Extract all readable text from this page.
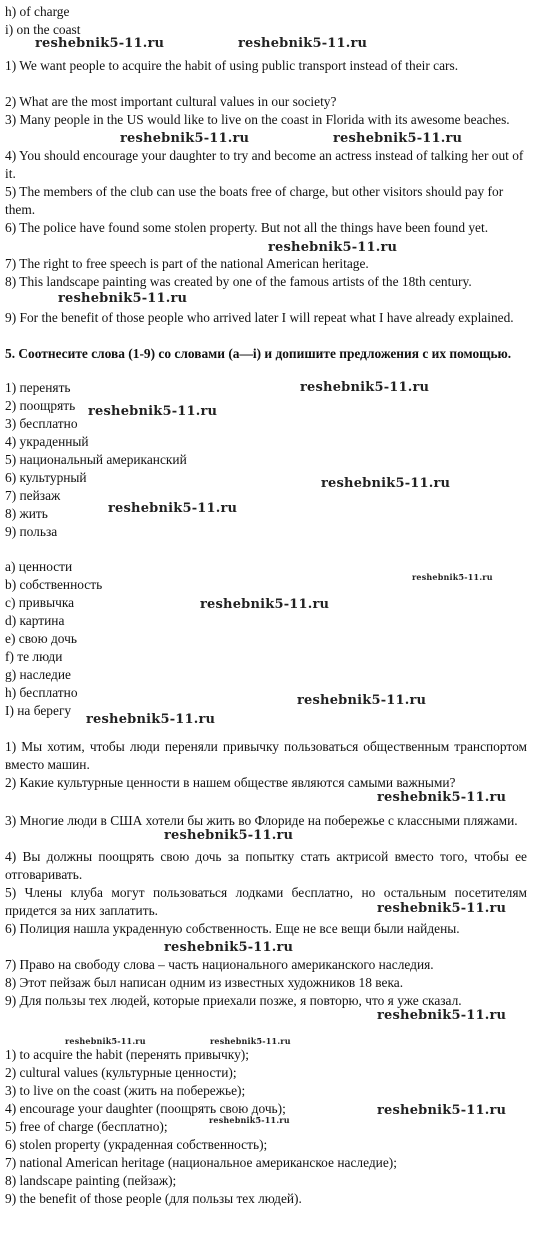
h) of charge
i) on the coast
1) We want people to acquire the habit of using public transport instead of their cars.
2) What are the most important cultural values in our society?
3) Many people in the US would like to live on the coast in Florida with its awesome beaches.
4) You should encourage your daughter to try and become an actress instead of talking her out of it.
5) The members of the club can use the boats free of charge, but other visitors should pay for them.
6) The police have found some stolen property. But not all the things have been found yet.
7) The right to free speech is part of the national American heritage.
8) This landscape painting was created by one of the famous artists of the 18th century.
9) For the benefit of those people who arrived later I will repeat what I have already explained.
5. Соотнесите слова (1-9) со словами (a—i) и допишите предложения с их помощью.
1) перенять
2) поощрять
3) бесплатно
4) украденный
5) национальный американский
6) культурный
7) пейзаж
8) жить
9) польза
a) ценности
b) собственность
c) привычка
d) картина
e) свою дочь
f) те люди
g) наследие
h) бесплатно
I) на берегу
1) Мы хотим, чтобы люди переняли привычку пользоваться общественным транспортом вместо машин.
2) Какие культурные ценности в нашем обществе являются самыми важными?
3) Многие люди в США хотели бы жить во Флориде на побережье с классными пляжами.
4) Вы должны поощрять свою дочь за попытку стать актрисой вместо того, чтобы ее отговаривать.
5) Члены клуба могут пользоваться лодками бесплатно, но остальным посетителям придется за них заплатить.
6) Полиция нашла украденную собственность. Еще не все вещи были найдены.
7) Право на свободу слова – часть национального американского наследия.
8) Этот пейзаж был написан одним из известных художников 18 века.
9) Для пользы тех людей, которые приехали позже, я повторю, что я уже сказал.
1) to acquire the habit (перенять привычку);
2) cultural values (культурные ценности);
3) to live on the coast (жить на побережье);
4) encourage your daughter (поощрять свою дочь);
5) free of charge (бесплатно);
6) stolen property (украденная собственность);
7) national American heritage (национальное американское наследие);
8) landscape painting (пейзаж);
9) the benefit of those people (для пользы тех людей).
reshebnik5-11.ru	reshebnik5-11.ru
reshebnik5-11.ru	reshebnik5-11.ru
reshebnik5-11.ru
reshebnik5-11.ru
reshebnik5-11.ru
reshebnik5-11.ru
reshebnik5-11.ru
reshebnik5-11.ru
reshebnik5-11.ru
reshebnik5-11.ru
reshebnik5-11.ru
reshebnik5-11.ru
reshebnik5-11.ru
reshebnik5-11.ru
reshebnik5-11.ru
reshebnik5-11.ru
reshebnik5-11.ru
reshebnik5-11.ru	reshebnik5-11.ru
reshebnik5-11.ru
reshebnik5-11.ru
